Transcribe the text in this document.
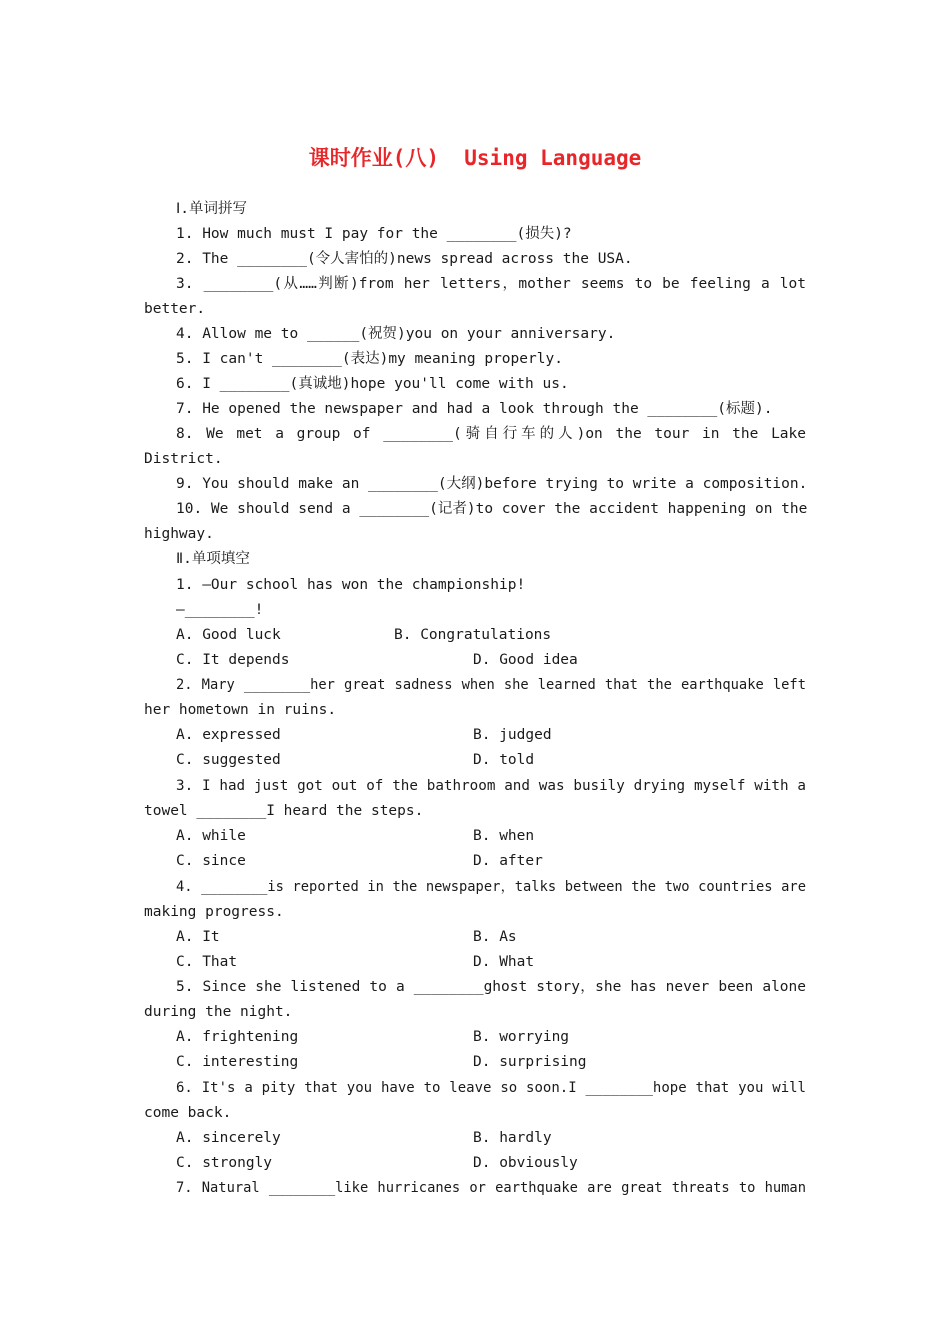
课时作业(八)  Using Language
Ⅰ.单词拼写
1. How much must I pay for the ________(损失)?
2. The ________(令人害怕的)news spread across the USA.
3. ________(从……判断)from her letters，mother seems to be feeling a lot
better.
4. Allow me to ______(祝贺)you on your anniversary.
5. I can't ________(表达)my meaning properly.
6. I ________(真诚地)hope you'll come with us.
7. He opened the newspaper and had a look through the ________(标题).
8. We met a group of ________(骑自行车的人)on the tour in the Lake
District.
9. You should make an ________(大纲)before trying to write a composition.
10. We should send a ________(记者)to cover the accident happening on the
highway.
Ⅱ.单项填空
1. —Our school has won the championship!
—________!
A. Good luck	B. Congratulations
C. It depends	D. Good idea
2. Mary ________her great sadness when she learned that the earthquake left
her hometown in ruins.
A. expressed	B. judged
C. suggested	D. told
3. I had just got out of the bathroom and was busily drying myself with a
towel ________I heard the steps.
A. while	B. when
C. since	D. after
4. ________is reported in the newspaper，talks between the two countries are
making progress.
A. It	B. As
C. That	D. What
5. Since she listened to a ________ghost story，she has never been alone
during the night.
A. frightening	B. worrying
C. interesting	D. surprising
6. It's a pity that you have to leave so soon.I ________hope that you will
come back.
A. sincerely	B. hardly
C. strongly	D. obviously
7. Natural ________like hurricanes or earthquake are great threats to human
